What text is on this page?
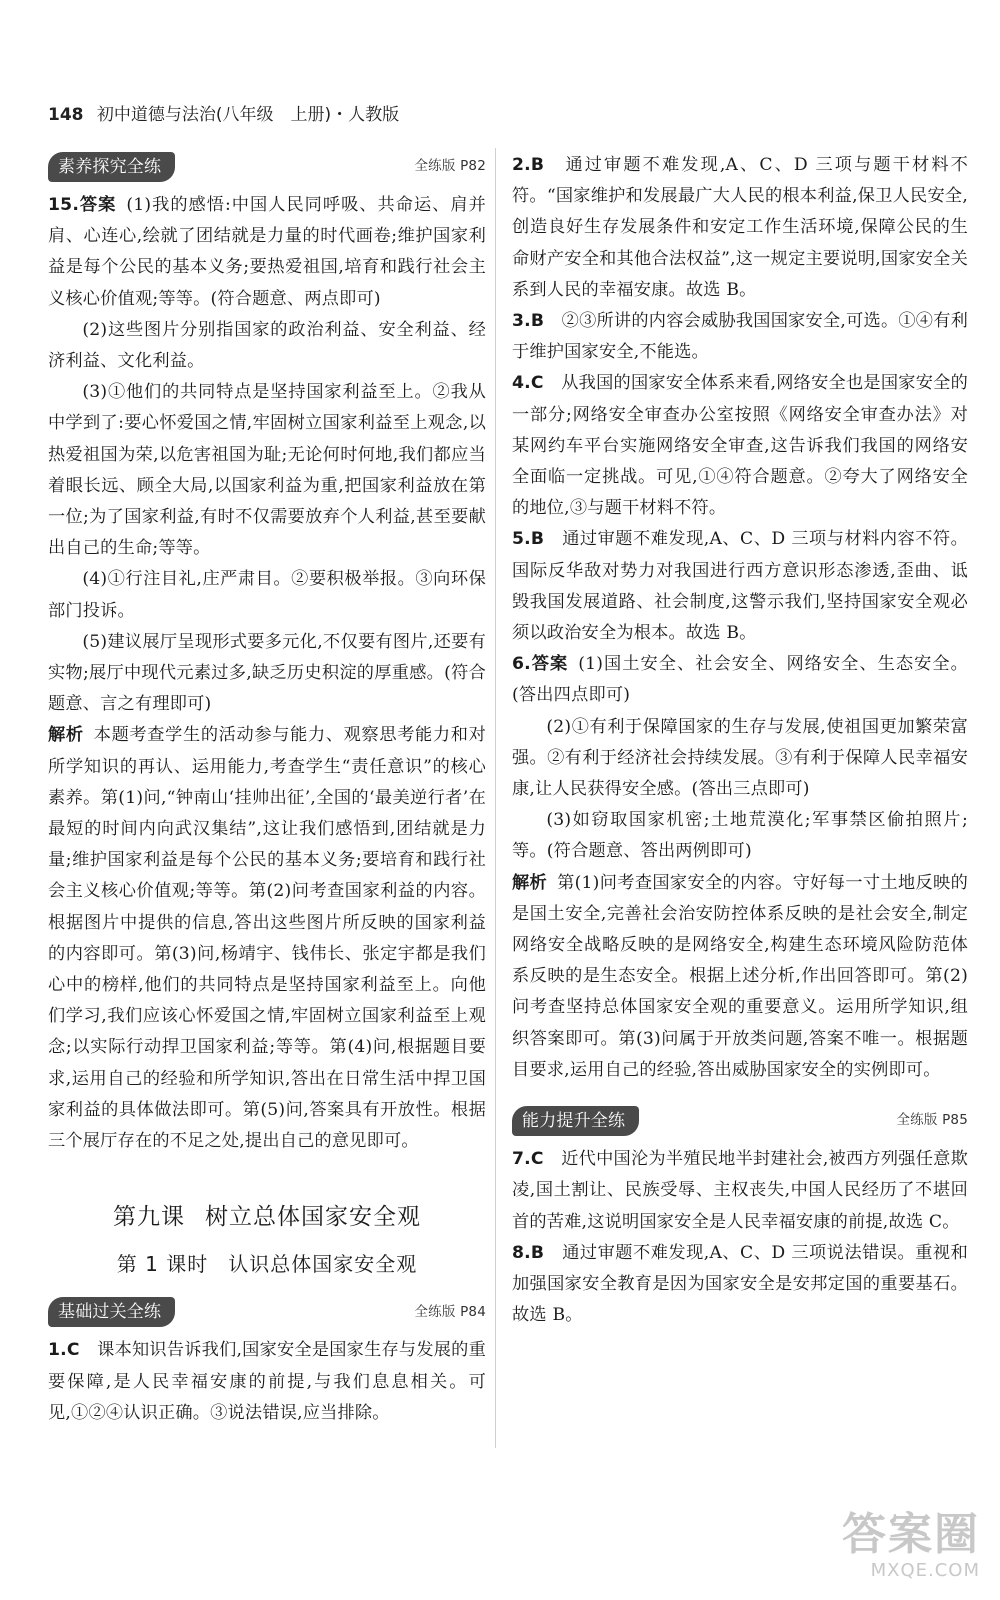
148 初中道德与法治(八年级　上册)・人教版
素养探究全练	全练版 P82

15.答案 (1)我的感悟:中国人民同呼吸、共命运、肩并肩、心连心,绘就了团结就是力量的时代画卷;维护国家利益是每个公民的基本义务;要热爱祖国,培育和践行社会主义核心价值观;等等。(符合题意、两点即可)

(2)这些图片分别指国家的政治利益、安全利益、经济利益、文化利益。

(3)①他们的共同特点是坚持国家利益至上。②我从中学到了:要心怀爱国之情,牢固树立国家利益至上观念,以热爱祖国为荣,以危害祖国为耻;无论何时何地,我们都应当着眼长远、顾全大局,以国家利益为重,把国家利益放在第一位;为了国家利益,有时不仅需要放弃个人利益,甚至要献出自己的生命;等等。

(4)①行注目礼,庄严肃目。②要积极举报。③向环保部门投诉。

(5)建议展厅呈现形式要多元化,不仅要有图片,还要有实物;展厅中现代元素过多,缺乏历史积淀的厚重感。(符合题意、言之有理即可)

解析 本题考查学生的活动参与能力、观察思考能力和对所学知识的再认、运用能力,考查学生“责任意识”的核心素养。第(1)问,“钟南山‘挂帅出征’,全国的‘最美逆行者’在最短的时间内向武汉集结”,这让我们感悟到,团结就是力量;维护国家利益是每个公民的基本义务;要培育和践行社会主义核心价值观;等等。第(2)问考查国家利益的内容。根据图片中提供的信息,答出这些图片所反映的国家利益的内容即可。第(3)问,杨靖宇、钱伟长、张定宇都是我们心中的榜样,他们的共同特点是坚持国家利益至上。向他们学习,我们应该心怀爱国之情,牢固树立国家利益至上观念;以实际行动捍卫国家利益;等等。第(4)问,根据题目要求,运用自己的经验和所学知识,答出在日常生活中捍卫国家利益的具体做法即可。第(5)问,答案具有开放性。根据三个展厅存在的不足之处,提出自己的意见即可。

第九课 树立总体国家安全观
第 1 课时 认识总体国家安全观
基础过关全练	全练版 P84

1.C　 课本知识告诉我们,国家安全是国家生存与发展的重要保障,是人民幸福安康的前提,与我们息息相关。可见,①②④认识正确。③说法错误,应当排除。

2.B　 通过审题不难发现,A、C、D 三项与题干材料不符。“国家维护和发展最广大人民的根本利益,保卫人民安全,创造良好生存发展条件和安定工作生活环境,保障公民的生命财产安全和其他合法权益”,这一规定主要说明,国家安全关系到人民的幸福安康。故选 B。

3.B　 ②③所讲的内容会威胁我国国家安全,可选。①④有利于维护国家安全,不能选。

4.C　 从我国的国家安全体系来看,网络安全也是国家安全的一部分;网络安全审查办公室按照《网络安全审查办法》对某网约车平台实施网络安全审查,这告诉我们我国的网络安全面临一定挑战。可见,①④符合题意。②夸大了网络安全的地位,③与题干材料不符。

5.B　 通过审题不难发现,A、C、D 三项与材料内容不符。国际反华敌对势力对我国进行西方意识形态渗透,歪曲、诋毁我国发展道路、社会制度,这警示我们,坚持国家安全观必须以政治安全为根本。故选 B。

6.答案 (1)国土安全、社会安全、网络安全、生态安全。(答出四点即可)

(2)①有利于保障国家的生存与发展,使祖国更加繁荣富强。②有利于经济社会持续发展。③有利于保障人民幸福安康,让人民获得安全感。(答出三点即可)

(3)如窃取国家机密;土地荒漠化;军事禁区偷拍照片;等。(符合题意、答出两例即可)

解析 第(1)问考查国家安全的内容。守好每一寸土地反映的是国土安全,完善社会治安防控体系反映的是社会安全,制定网络安全战略反映的是网络安全,构建生态环境风险防范体系反映的是生态安全。根据上述分析,作出回答即可。第(2)问考查坚持总体国家安全观的重要意义。运用所学知识,组织答案即可。第(3)问属于开放类问题,答案不唯一。根据题目要求,运用自己的经验,答出威胁国家安全的实例即可。

能力提升全练	全练版 P85

7.C　 近代中国沦为半殖民地半封建社会,被西方列强任意欺凌,国土割让、民族受辱、主权丧失,中国人民经历了不堪回首的苦难,这说明国家安全是人民幸福安康的前提,故选 C。

8.B　 通过审题不难发现,A、C、D 三项说法错误。重视和加强国家安全教育是因为国家安全是安邦定国的重要基石。故选 B。

答案圈
MXQE.COM
